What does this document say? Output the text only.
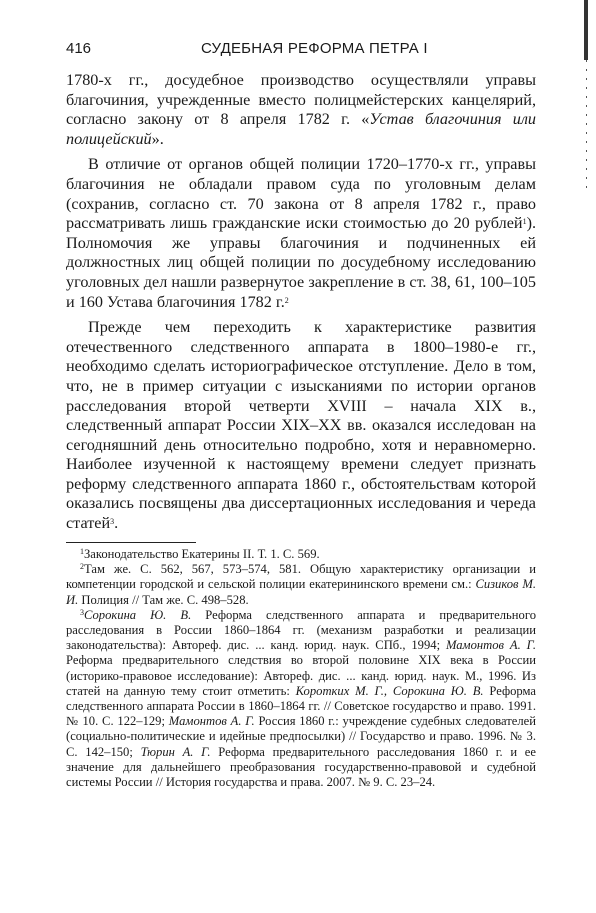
416	СУДЕБНАЯ РЕФОРМА ПЕТРА I

1780-х гг., досудебное производство осуществляли управы благочиния, учрежденные вместо полицмейстерских канцелярий, согласно закону от 8 апреля 1782 г. «Устав благочиния или полицейский».

В отличие от органов общей полиции 1720–1770-х гг., управы благочиния не обладали правом суда по уголовным делам (сохранив, согласно ст. 70 закона от 8 апреля 1782 г., право рассматривать лишь гражданские иски стоимостью до 20 рублей$^1$). Полномочия же управы благочиния и подчиненных ей должностных лиц общей полиции по досудебному исследованию уголовных дел нашли развернутое закрепление в ст. 38, 61, 100–105 и 160 Устава благочиния 1782 г.$^2$

Прежде чем переходить к характеристике развития отечественного следственного аппарата в 1800–1980-е гг., необходимо сделать историографическое отступление. Дело в том, что, не в пример ситуации с изысканиями по истории органов расследования второй четверти XVIII – начала XIX в., следственный аппарат России XIX–XX вв. оказался исследован на сегодняшний день относительно подробно, хотя и неравномерно. Наиболее изученной к настоящему времени следует признать реформу следственного аппарата 1860 г., обстоятельствам которой оказались посвящены два диссертационных исследования и череда статей$^3$.

$^1$Законодательство Екатерины II. Т. 1. С. 569.

$^2$Там же. С. 562, 567, 573–574, 581. Общую характеристику организации и компетенции городской и сельской полиции екатерининского времени см.: Сизиков М. И. Полиция // Там же. С. 498–528.

$^3$Сорокина Ю. В. Реформа следственного аппарата и предварительного расследования в России 1860–1864 гг. (механизм разработки и реализации законодательства): Автореф. дис. ... канд. юрид. наук. СПб., 1994; Мамонтов А. Г. Реформа предварительного следствия во второй половине XIX века в России (историко-правовое исследование): Автореф. дис. ... канд. юрид. наук. М., 1996. Из статей на данную тему стоит отметить: Коротких М. Г., Сорокина Ю. В. Реформа следственного аппарата России в 1860–1864 гг. // Советское государство и право. 1991. № 10. С. 122–129; Мамонтов А. Г. Россия 1860 г.: учреждение судебных следователей (социально-политические и идейные предпосылки) // Государство и право. 1996. № 3. С. 142–150; Тюрин А. Г. Реформа предварительного расследования 1860 г. и ее значение для дальнейшего преобразования государственно-правовой и судебной системы России // История государства и права. 2007. № 9. С. 23–24.
